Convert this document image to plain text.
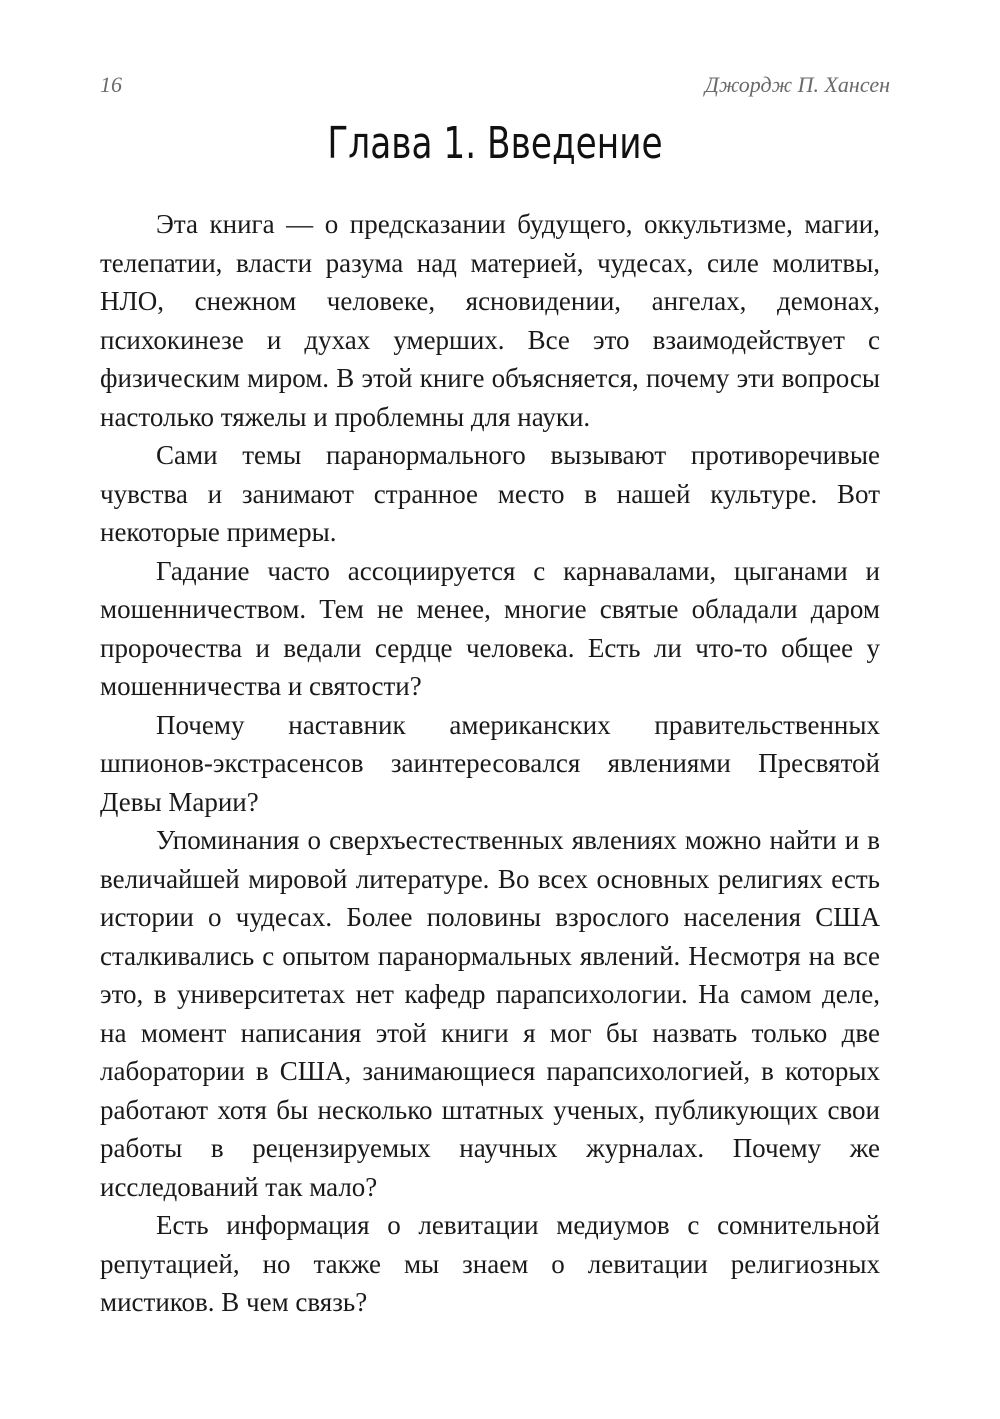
16	Джордж П. Хансен
Глава 1. Введение

Эта книга — о предсказании будущего, оккультизме, магии, телепатии, власти разума над материей, чудесах, силе молитвы, НЛО, снежном человеке, ясновидении, ангелах, демонах, психокинезе и духах умерших. Все это взаимодействует с физическим миром. В этой книге объясняется, почему эти вопросы настолько тяжелы и проблемны для науки.

Сами темы паранормального вызывают противоречивые чувства и занимают странное место в нашей культуре. Вот некоторые примеры.

Гадание часто ассоциируется с карнавалами, цыганами и мошенничеством. Тем не менее, многие святые обладали даром пророчества и ведали сердце человека. Есть ли что-то общее у мошенничества и святости?

Почему наставник американских правительственных шпионов-экстрасенсов заинтересовался явлениями Пресвятой Девы Марии?

Упоминания о сверхъестественных явлениях можно найти и в величайшей мировой литературе. Во всех основных религиях есть истории о чудесах. Более половины взрослого населения США сталкивались с опытом паранормальных явлений. Несмотря на все это, в университетах нет кафедр парапсихологии. На самом деле, на момент написания этой книги я мог бы назвать только две лаборатории в США, занимающиеся парапсихологией, в которых работают хотя бы несколько штатных ученых, публикующих свои работы в рецензируемых научных журналах. Почему же исследований так мало?

Есть информация о левитации медиумов с сомнительной репутацией, но также мы знаем о левитации религиозных мистиков. В чем связь?
